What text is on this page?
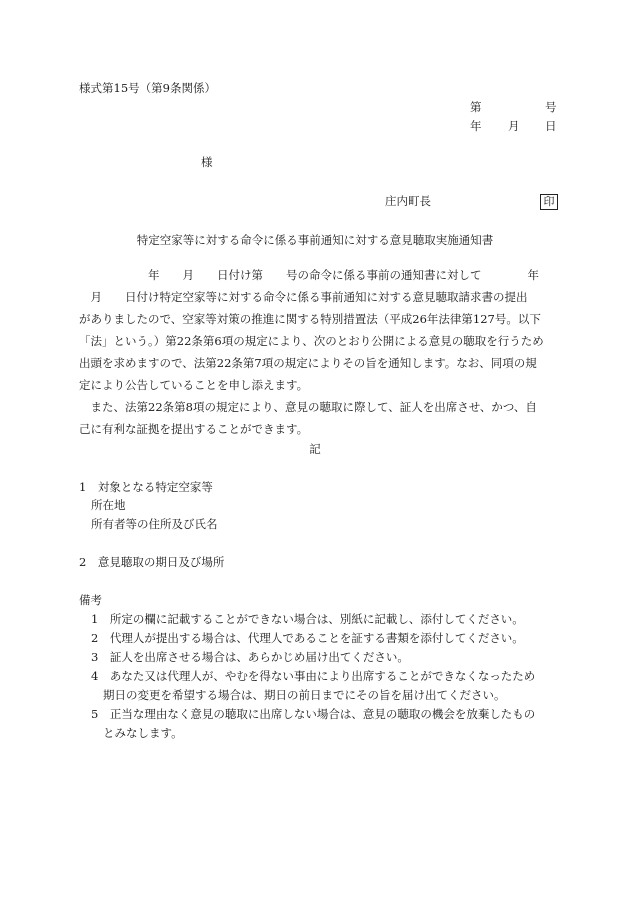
様式第15号（第9条関係）
第	号
年 月 日
様
庄内町長	印
特定空家等に対する命令に係る事前通知に対する意見聴取実施通知書
　　　　　　年　　月　　日付け第　　号の命令に係る事前の通知書に対して　　　　年
　月　　日付け特定空家等に対する命令に係る事前通知に対する意見聴取請求書の提出
がありましたので、空家等対策の推進に関する特別措置法（平成26年法律第127号。以下
「法」という。）第22条第6項の規定により、次のとおり公開による意見の聴取を行うため
出頭を求めますので、法第22条第7項の規定によりその旨を通知します。なお、同項の規
定により公告していることを申し添えます。
　また、法第22条第8項の規定により、意見の聴取に際して、証人を出席させ、かつ、自
己に有利な証拠を提出することができます。
記
1　対象となる特定空家等
所在地
所有者等の住所及び氏名
2　意見聴取の期日及び場所
備考
1　所定の欄に記載することができない場合は、別紙に記載し、添付してください。
2　代理人が提出する場合は、代理人であることを証する書類を添付してください。
3　証人を出席させる場合は、あらかじめ届け出てください。
4　あなた又は代理人が、やむを得ない事由により出席することができなくなったため
期日の変更を希望する場合は、期日の前日までにその旨を届け出てください。
5　正当な理由なく意見の聴取に出席しない場合は、意見の聴取の機会を放棄したもの
とみなします。
